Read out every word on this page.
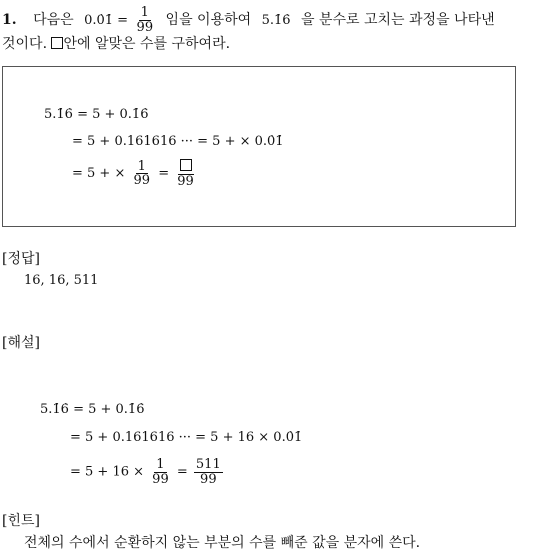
1. 다음은 0.0̇1̇ = $\frac{1}{99}$ 임을 이용하여 5.1̇6̇ 을 분수로 고치는 과정을 나타낸
것이다. 안에 알맞은 수를 구하여라.
5.1̇6̇ = 5 + 0.1̇6̇
= 5 + 0.161616 ··· = 5 + × 0.0̇1̇
= 5 + × $\frac{1}{99} = 99$
[정답]
16, 16, 511
[해설]
5.1̇6̇ = 5 + 0.1̇6̇
= 5 + 0.161616 ··· = 5 + 16 × 0.0̇1̇
= $5 + 16 \times \frac{1}{99} = \frac{511}{99}$
[힌트]
전체의 수에서 순환하지 않는 부분의 수를 빼준 값을 분자에 쓴다.
